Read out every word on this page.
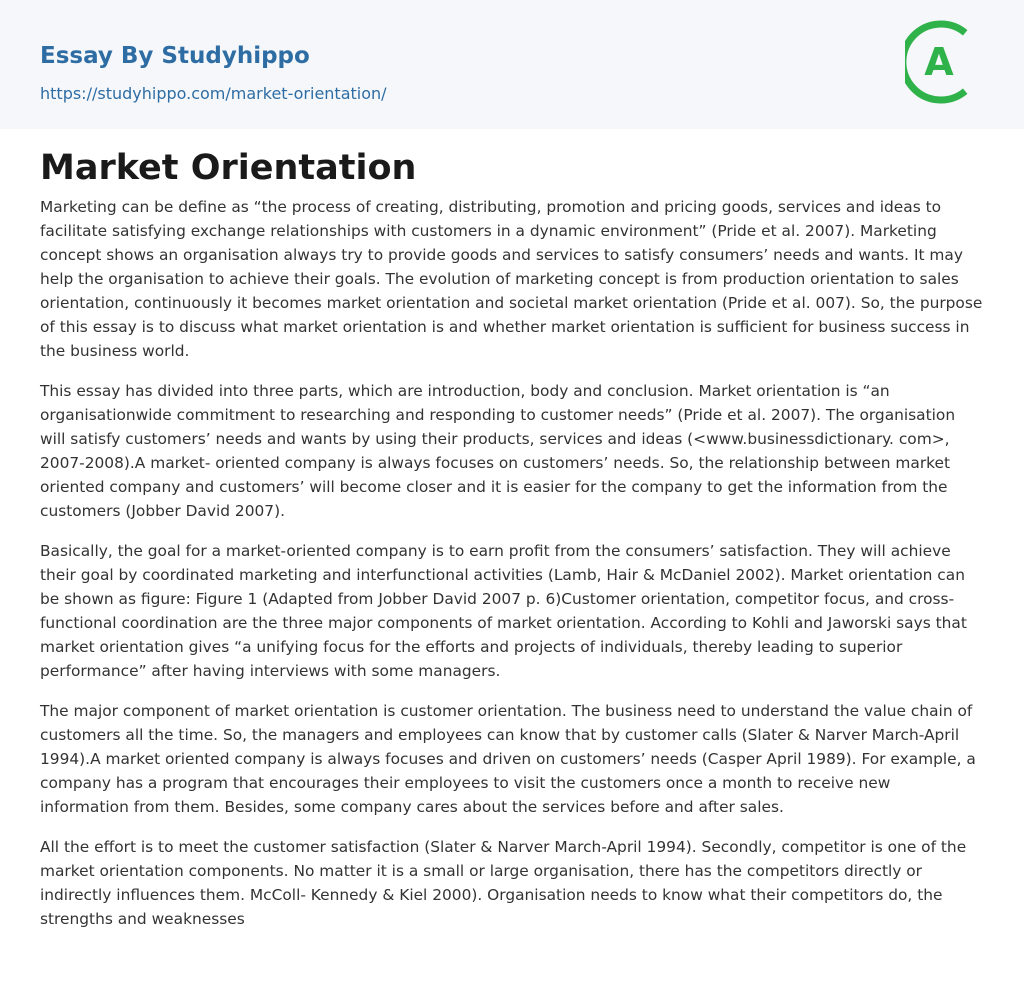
Essay By Studyhippo
https://studyhippo.com/market-orientation/
A
Market Orientation

Marketing can be define as “the process of creating, distributing, promotion and pricing goods, services and ideas to facilitate satisfying exchange relationships with customers in a dynamic environment” (Pride et al. 2007). Marketing concept shows an organisation always try to provide goods and services to satisfy consumers’ needs and wants. It may help the organisation to achieve their goals. The evolution of marketing concept is from production orientation to sales orientation, continuously it becomes market orientation and societal market orientation (Pride et al. 007). So, the purpose of this essay is to discuss what market orientation is and whether market orientation is sufficient for business success in the business world.

This essay has divided into three parts, which are introduction, body and conclusion. Market orientation is “an organisationwide commitment to researching and responding to customer needs” (Pride et al. 2007). The organisation will satisfy customers’ needs and wants by using their products, services and ideas (<www.businessdictionary. com>, 2007-2008).A market- oriented company is always focuses on customers’ needs. So, the relationship between market oriented company and customers’ will become closer and it is easier for the company to get the information from the customers (Jobber David 2007).

Basically, the goal for a market-oriented company is to earn profit from the consumers’ satisfaction. They will achieve their goal by coordinated marketing and interfunctional activities (Lamb, Hair & McDaniel 2002). Market orientation can be shown as figure: Figure 1 (Adapted from Jobber David 2007 p. 6)Customer orientation, competitor focus, and cross-functional coordination are the three major components of market orientation. According to Kohli and Jaworski says that market orientation gives “a unifying focus for the efforts and projects of individuals, thereby leading to superior performance” after having interviews with some managers.

The major component of market orientation is customer orientation. The business need to understand the value chain of customers all the time. So, the managers and employees can know that by customer calls (Slater & Narver March-April 1994).A market oriented company is always focuses and driven on customers’ needs (Casper April 1989). For example, a company has a program that encourages their employees to visit the customers once a month to receive new information from them. Besides, some company cares about the services before and after sales.

All the effort is to meet the customer satisfaction (Slater & Narver March-April 1994). Secondly, competitor is one of the market orientation components. No matter it is a small or large organisation, there has the competitors directly or indirectly influences them. McColl- Kennedy & Kiel 2000). Organisation needs to know what their competitors do, the strengths and weaknesses
